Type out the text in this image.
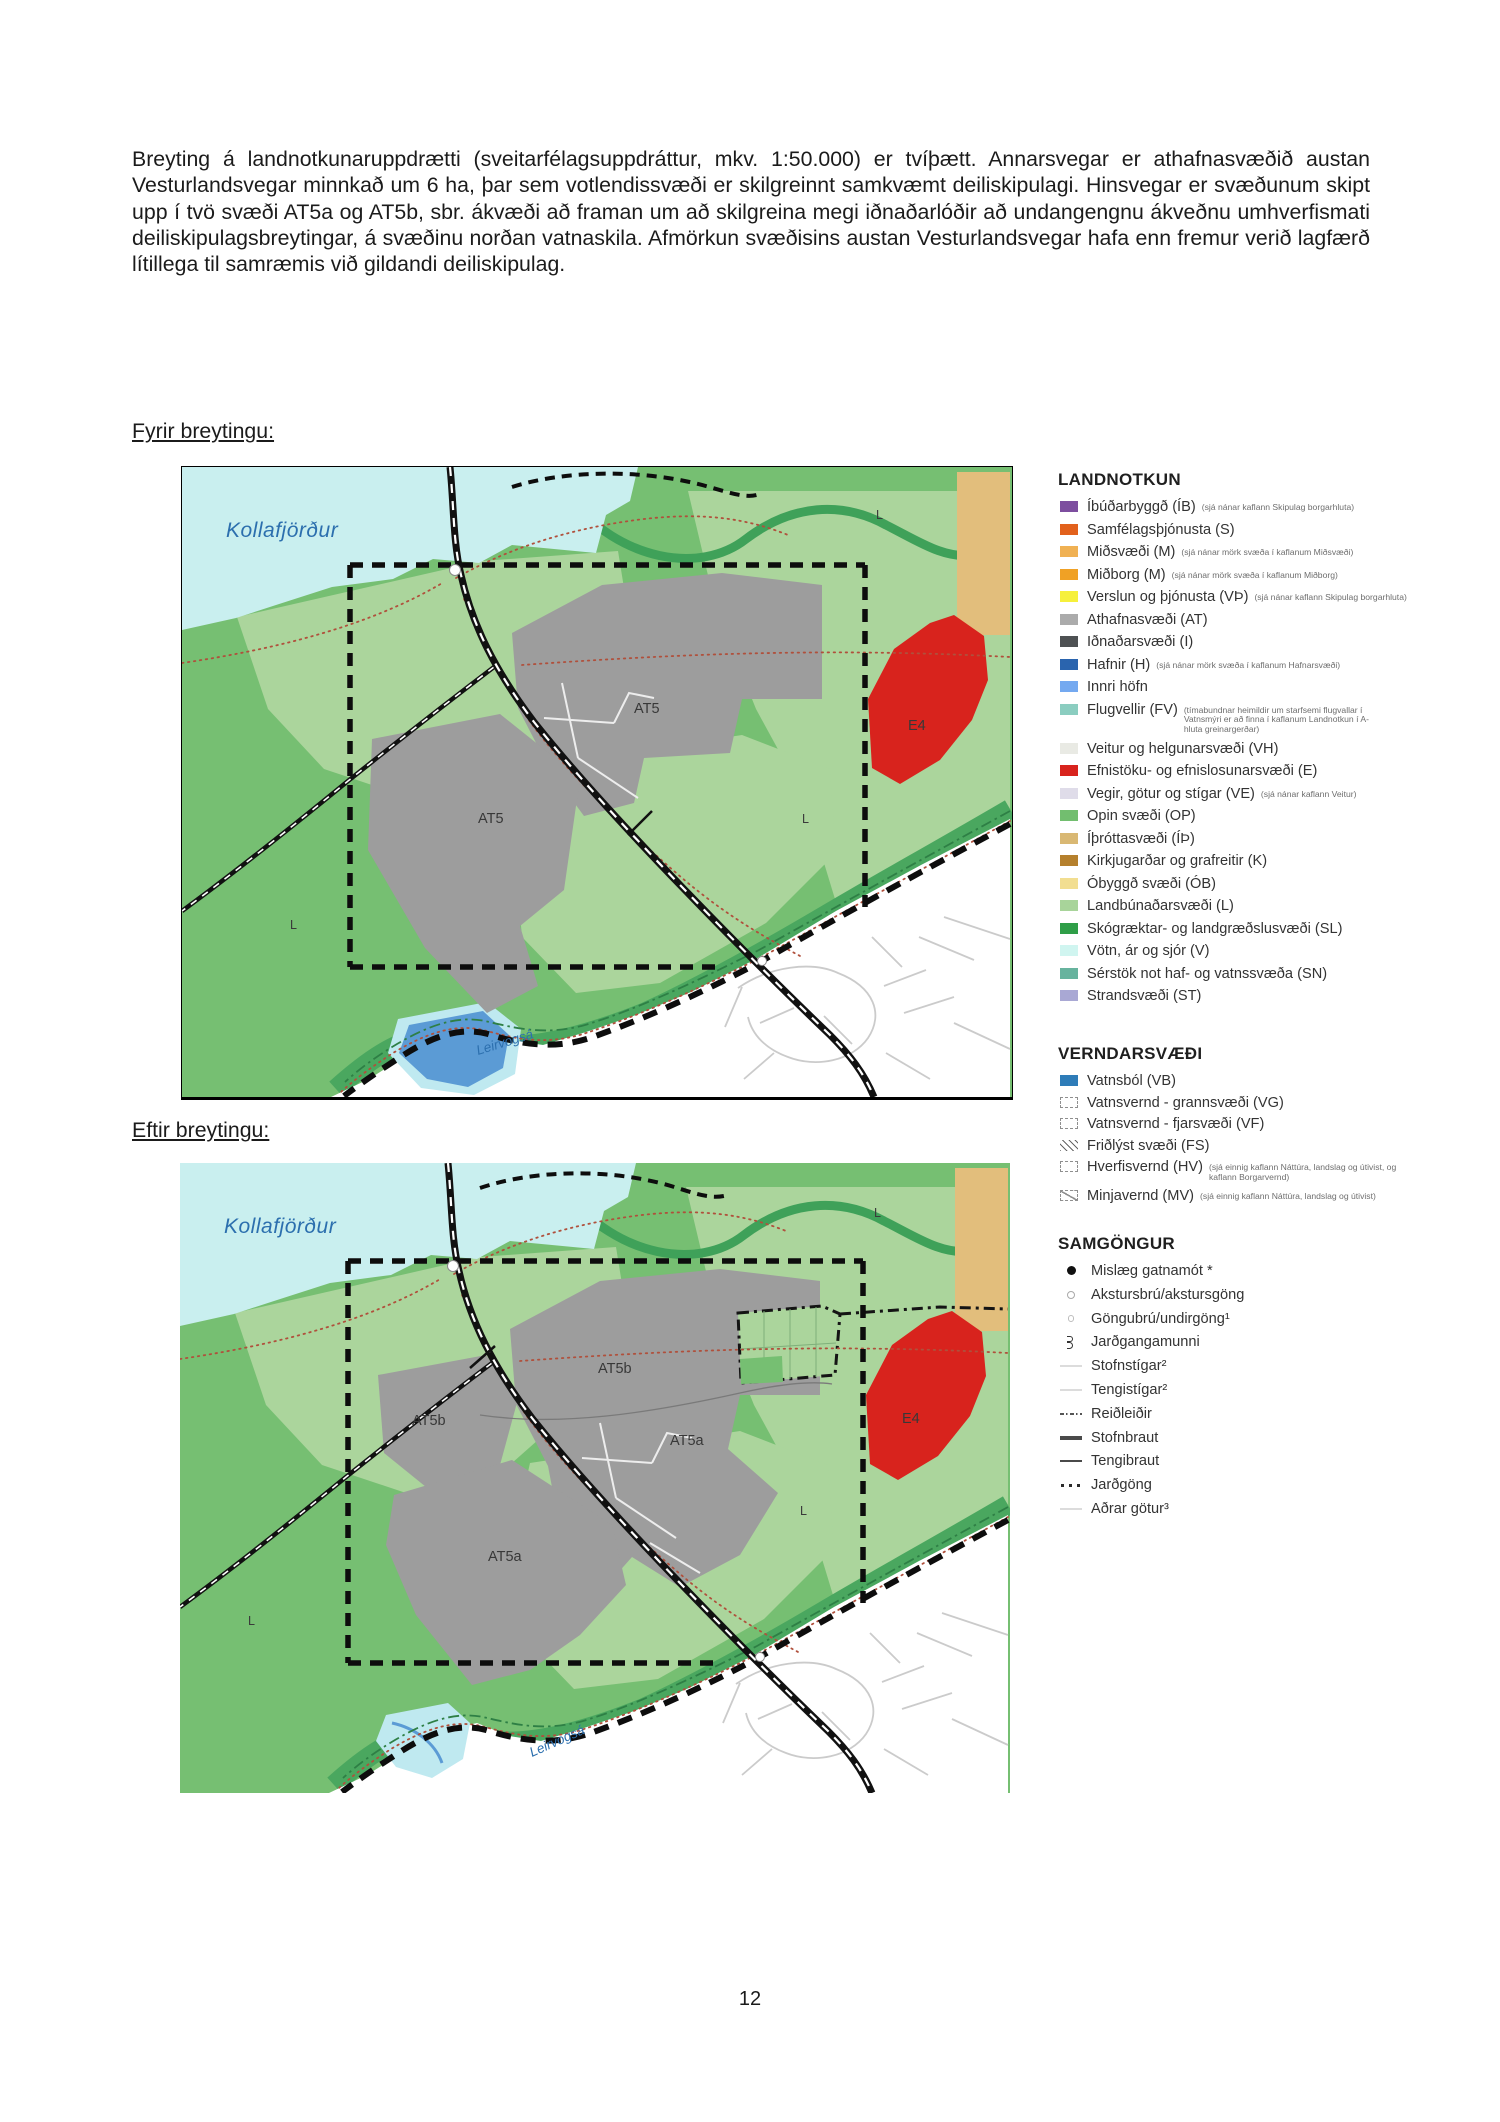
Breyting á landnotkunaruppdrætti (sveitarfélagsuppdráttur, mkv. 1:50.000) er tvíþætt. Annarsvegar er athafnasvæðið austan Vesturlandsvegar minnkað um 6 ha, þar sem votlendissvæði er skilgreinnt samkvæmt deiliskipulagi. Hinsvegar er svæðunum skipt upp í tvö svæði AT5a og AT5b, sbr. ákvæði að framan um að skilgreina megi iðnaðarlóðir að undangengnu ákveðnu umhverfismati deiliskipulagsbreytingar, á svæðinu norðan vatnaskila. Afmörkun svæðisins austan Vesturlandsvegar hafa enn fremur verið lagfærð lítillega til samræmis við gildandi deiliskipulag.
Fyrir breytingu:
Kollafjörður
L
AT5
E4
AT5	L
L
Leirvogsá
LANDNOTKUN
Íbúðarbyggð (ÍB) (sjá nánar kaflann Skipulag borgarhluta)
Samfélagsþjónusta (S)
Miðsvæði (M) (sjá nánar mörk svæða í kaflanum Miðsvæði)
Miðborg (M) (sjá nánar mörk svæða í kaflanum Miðborg)
Verslun og þjónusta (VÞ) (sjá nánar kaflann Skipulag borgarhluta)
Athafnasvæði (AT)
Iðnaðarsvæði (I)
Hafnir (H) (sjá nánar mörk svæða í kaflanum Hafnarsvæði)
Innri höfn
Flugvellir (FV) (tímabundnar heimildir um starfsemi flugvallar í Vatnsmýri er að finna í kaflanum Landnotkun í A-hluta greinargerðar)
Veitur og helgunarsvæði (VH)
Efnistöku- og efnislosunarsvæði (E)
Vegir, götur og stígar (VE) (sjá nánar kaflann Veitur)
Opin svæði (OP)
Íþróttasvæði (ÍÞ)
Kirkjugarðar og grafreitir (K)
Óbyggð svæði (ÓB)
Landbúnaðarsvæði (L)
Skógræktar- og landgræðslusvæði (SL)
Vötn, ár og sjór (V)
Sérstök not haf- og vatnssvæða (SN)
Strandsvæði (ST)
VERNDARSVÆÐI
Vatnsból (VB)
Vatnsvernd - grannsvæði (VG)
Vatnsvernd - fjarsvæði (VF)
Friðlýst svæði (FS)
Hverfisvernd (HV) (sjá einnig kaflann Náttúra, landslag og útivist, og kaflann Borgarvernd)
Minjavernd (MV) (sjá einnig kaflann Náttúra, landslag og útivist)
SAMGÖNGUR
Mislæg gatnamót *
Akstursbrú/akstursgöng
Göngubrú/undirgöng¹
Jarðgangamunni
Stofnstígar²
Tengistígar²
Reiðleiðir
Stofnbraut
Tengibraut
Jarðgöng
Aðrar götur³
Eftir breytingu:
Kollafjörður
L
AT5b
AT5b
AT5a
AT5a
E4
L
L
Leirvogsá
12
